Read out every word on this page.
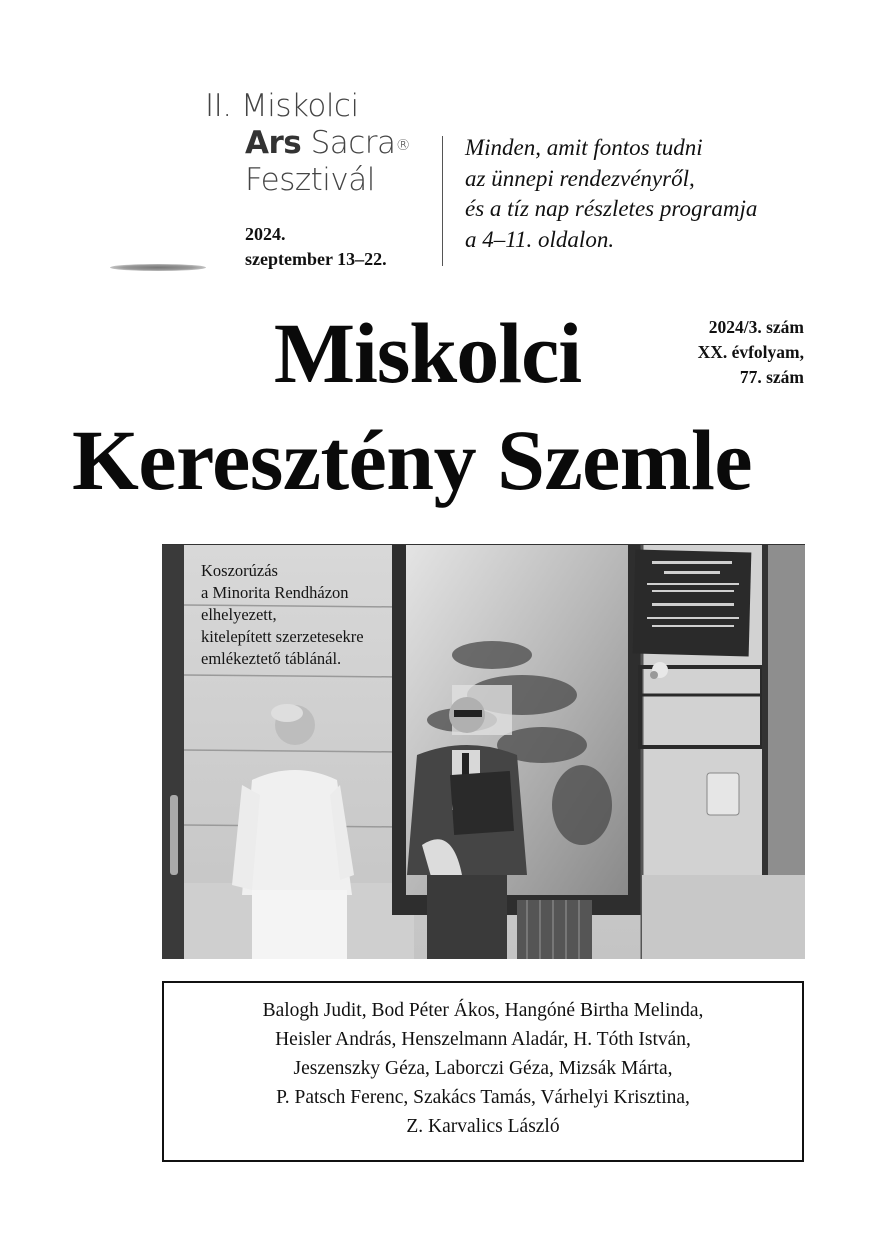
II. Miskolci
Ars Sacra®
Fesztivál
2024.
szeptember 13–22.
Minden, amit fontos tudni
az ünnepi rendezvényről,
és a tíz nap részletes programja
a 4–11. oldalon.
Miskolci
Keresztény Szemle
2024/3. szám
XX. évfolyam,
77. szám
Koszorúzás
a Minorita Rendházon
elhelyezett,
kitelepített szerzetesekre
emlékeztető táblánál.
Balogh Judit, Bod Péter Ákos, Hangóné Birtha Melinda,
Heisler András, Henszelmann Aladár, H. Tóth István,
Jeszenszky Géza, Laborczi Géza, Mizsák Márta,
P. Patsch Ferenc, Szakács Tamás, Várhelyi Krisztina,
Z. Karvalics László
